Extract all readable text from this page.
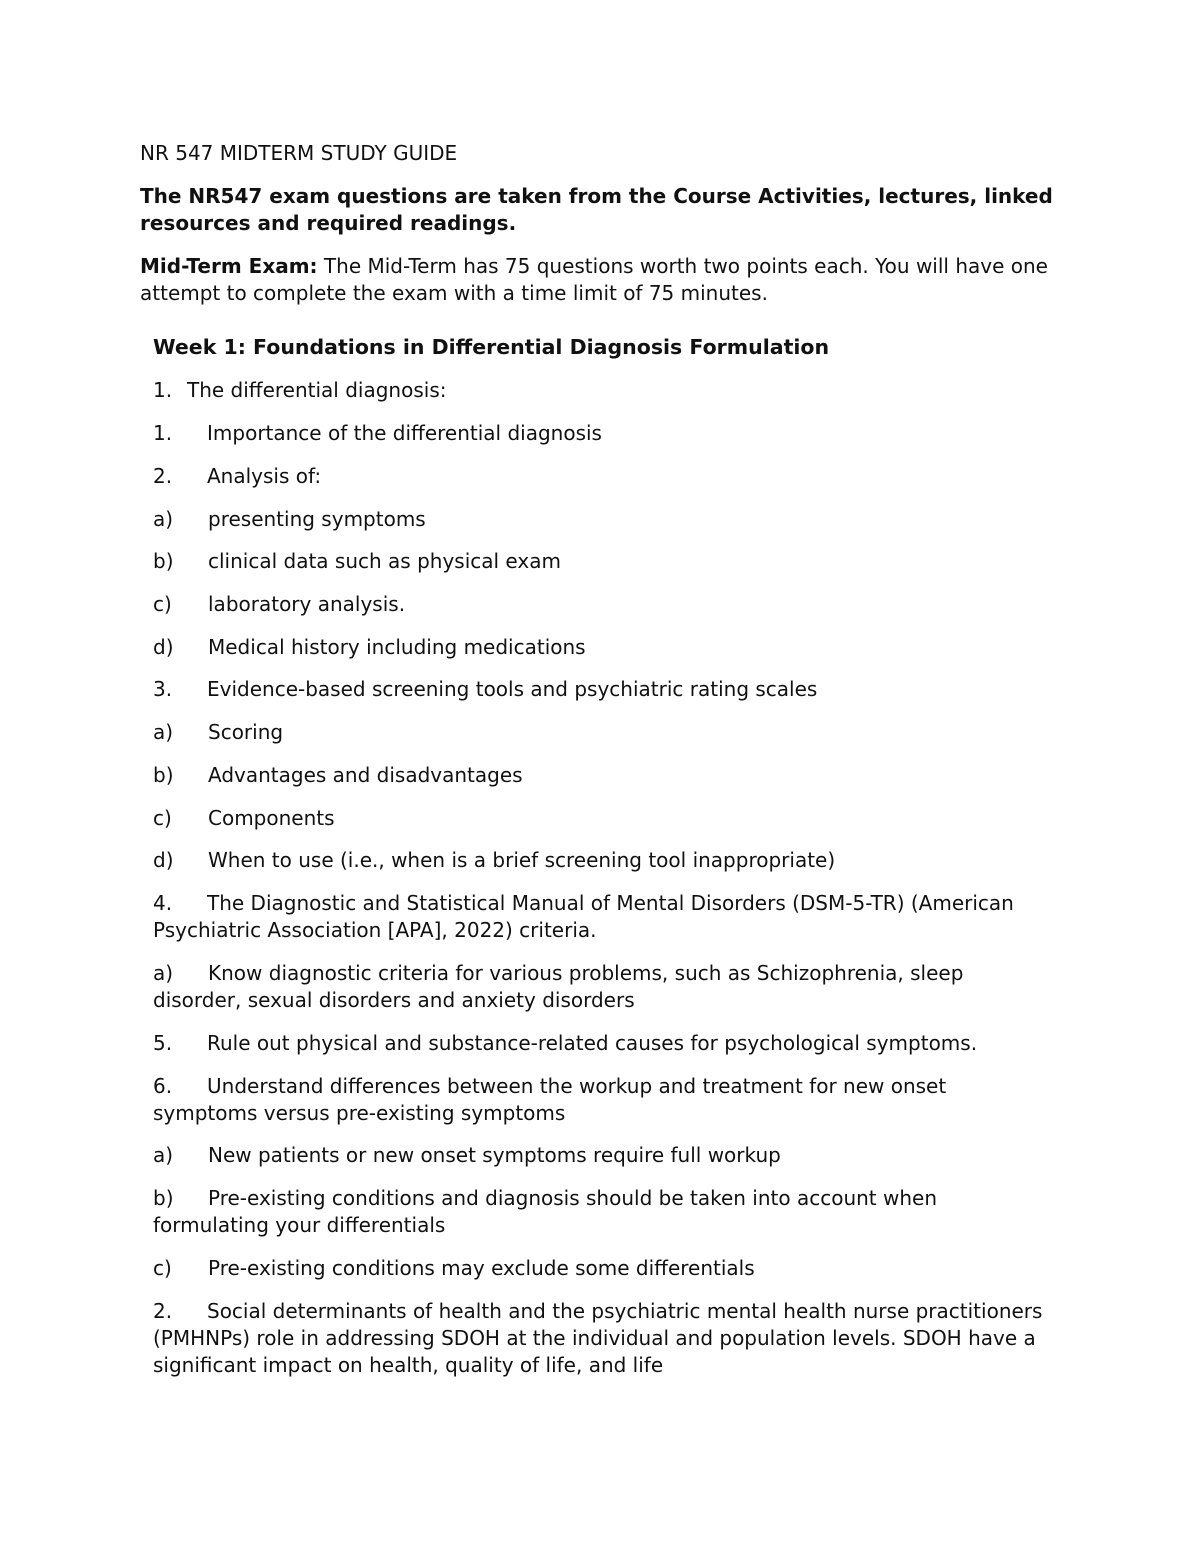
NR 547 MIDTERM STUDY GUIDE

The NR547 exam questions are taken from the Course Activities, lectures, linked resources and required readings.

Mid-Term Exam: The Mid-Term has 75 questions worth two points each. You will have one attempt to complete the exam with a time limit of 75 minutes.

Week 1: Foundations in Differential Diagnosis Formulation

1. The differential diagnosis:

1. Importance of the differential diagnosis

2. Analysis of:

a) presenting symptoms

b) clinical data such as physical exam

c) laboratory analysis.

d) Medical history including medications

3. Evidence-based screening tools and psychiatric rating scales

a) Scoring

b) Advantages and disadvantages

c) Components

d) When to use (i.e., when is a brief screening tool inappropriate)

4. The Diagnostic and Statistical Manual of Mental Disorders (DSM-5-TR) (American Psychiatric Association [APA], 2022) criteria.

a) Know diagnostic criteria for various problems, such as Schizophrenia, sleep disorder, sexual disorders and anxiety disorders

5. Rule out physical and substance-related causes for psychological symptoms.

6. Understand differences between the workup and treatment for new onset symptoms versus pre-existing symptoms

a) New patients or new onset symptoms require full workup

b) Pre-existing conditions and diagnosis should be taken into account when formulating your differentials

c) Pre-existing conditions may exclude some differentials

2. Social determinants of health and the psychiatric mental health nurse practitioners (PMHNPs) role in addressing SDOH at the individual and population levels. SDOH have a significant impact on health, quality of life, and life
